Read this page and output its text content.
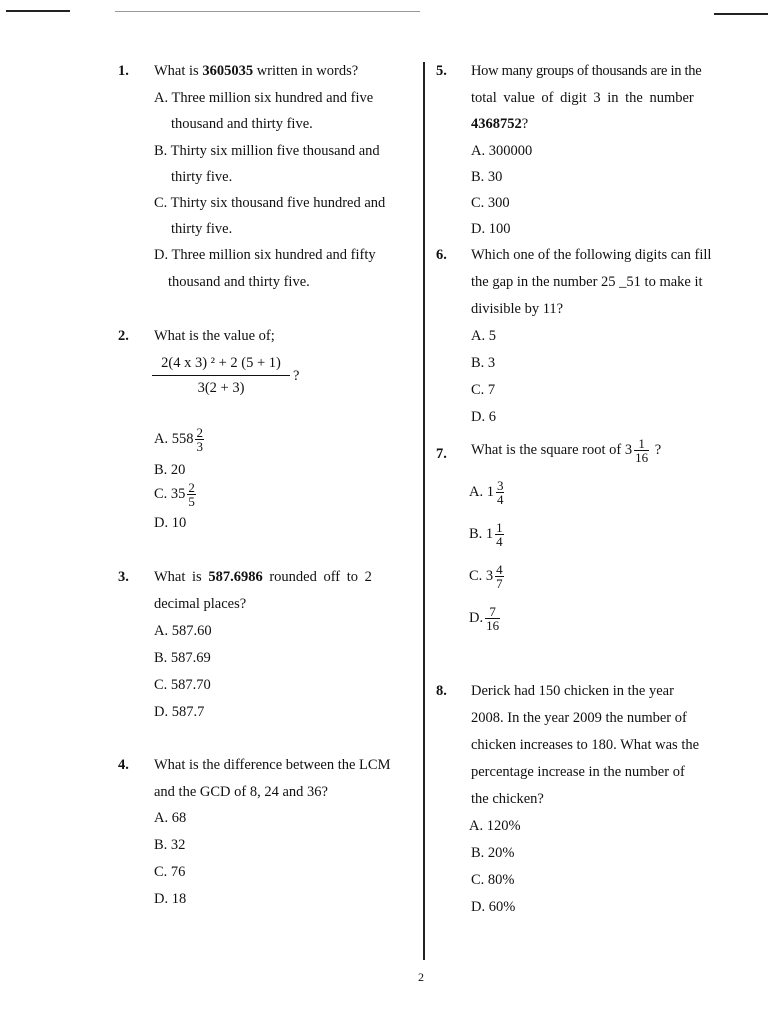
1. What is 3605035 written in words?
A. Three million six hundred and five
thousand and thirty five.
B. Thirty six million five thousand and
thirty five.
C. Thirty six thousand five hundred and
thirty five.
D. Three million six hundred and fifty
thousand and thirty five.
2. What is the value of;
$\frac{\text{2(4 x 3) ² + 2 (5 + 1)}}{3(2 + 3)}$ ?
A. $558 \frac{2}{3}$
B. 20
C. $35 \frac{2}{5}$
D. 10
3. What is 587.6986 rounded off to 2
decimal places?
A. 587.60
B. 587.69
C. 587.70
D. 587.7
4. What is the difference between the LCM
and the GCD of 8, 24 and 36?
A. 68
B. 32
C. 76
D. 18
5. How many groups of thousands are in the
total value of digit 3 in the number
4368752?
A. 300000
B. 30
C. 300
D. 100
6. Which one of the following digits can fill
the gap in the number 25 _51 to make it
divisible by 11?
A. 5
B. 3
C. 7
D. 6
7. What is the square root of $3 \frac{1}{16}$ ?
A. $1 \frac{3}{4}$
B. $1 \frac{1}{4}$
C. $3 \frac{4}{7}$
D. $\frac{7}{16}$
8. Derick had 150 chicken in the year
2008. In the year 2009 the number of
chicken increases to 180. What was the
percentage increase in the number of
the chicken?
A. 120%
B. 20%
C. 80%
D. 60%
2
